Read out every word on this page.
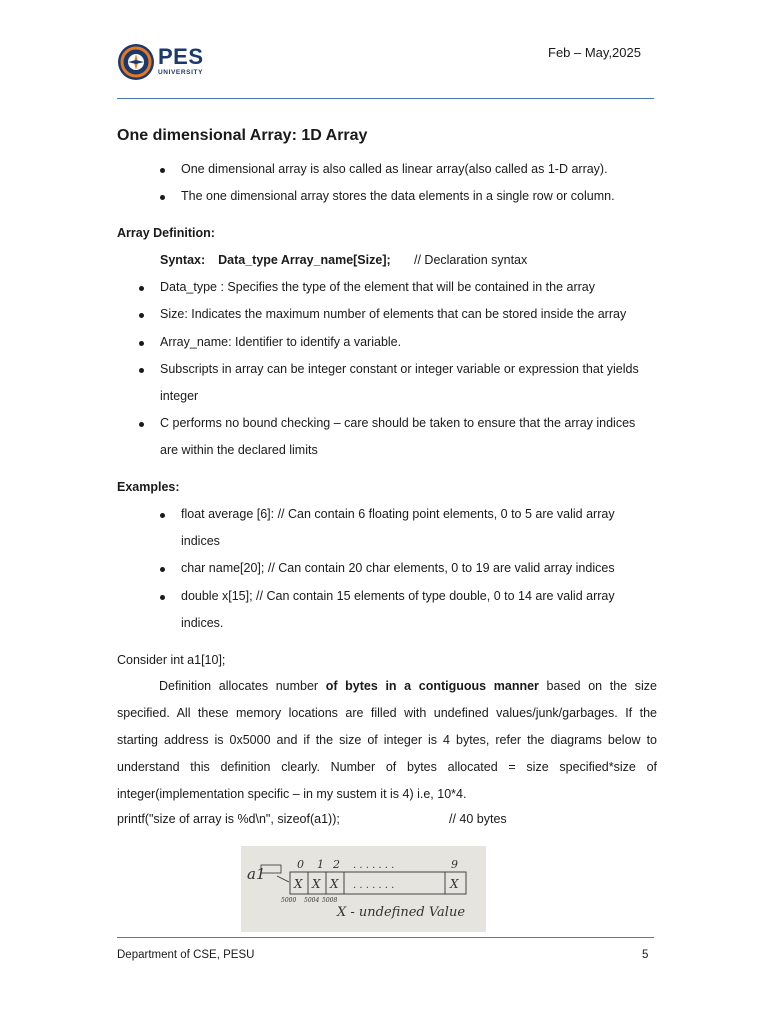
PES
UNIVERSITY
Feb – May,2025
One dimensional Array: 1D Array
One dimensional array is also called as linear array(also called as 1-D array).
The one dimensional array stores the data elements in a single row or column.
Array Definition:
Syntax: Data_type Array_name[Size]; // Declaration syntax
Data_type : Specifies the type of the element that will be contained in the array
Size: Indicates the maximum number of elements that can be stored inside the array
Array_name: Identifier to identify a variable.
Subscripts in array can be integer constant or integer variable or expression that yields
integer
C performs no bound checking – care should be taken to ensure that the array indices
are within the declared limits
Examples:
float average [6]: // Can contain 6 floating point elements, 0 to 5 are valid array
indices
char name[20]; // Can contain 20 char elements, 0 to 19 are valid array indices
double x[15]; // Can contain 15 elements of type double, 0 to 14 are valid array
indices.
Consider int a1[10];
Definition allocates number of bytes in a contiguous manner based on the size specified. All these memory locations are filled with undefined values/junk/garbages. If the starting address is 0x5000 and if the size of integer is 4 bytes, refer the diagrams below to understand this definition clearly. Number of bytes allocated = size specified*size of integer(implementation specific – in my sustem it is 4) i.e, 10*4.
printf("size of array is %d\n", sizeof(a1));	// 40 bytes
a1
0 1 2 . . . . . . .	9
X X X . . . . . . .	X
5000 5004 5008
X - undefined Value
Department of CSE, PESU	5
